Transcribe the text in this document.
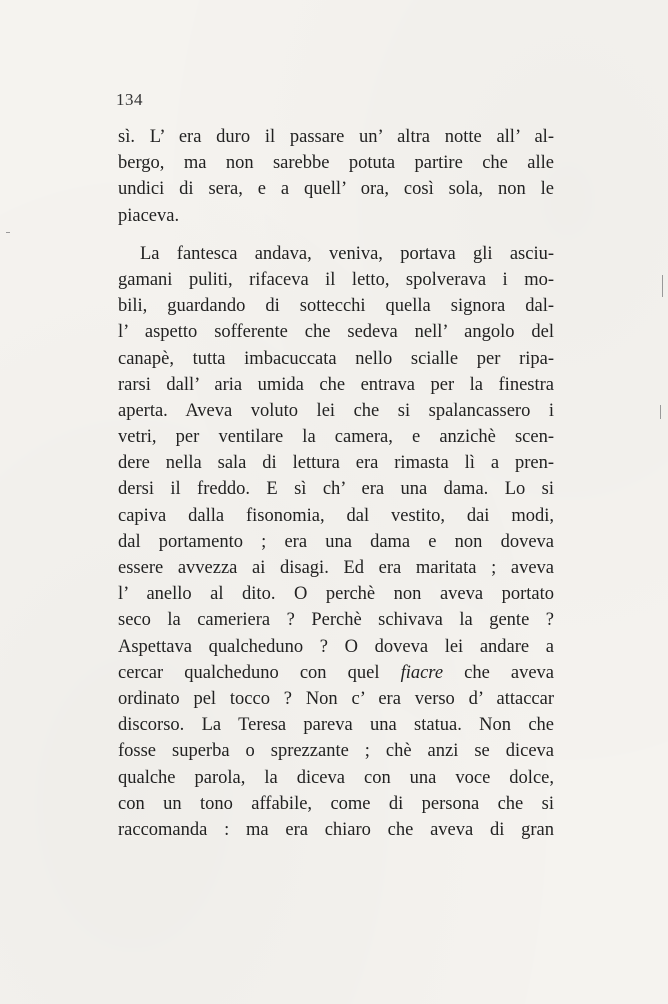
134
sì. L’ era duro il passare un’ altra notte all’ al-
bergo, ma non sarebbe potuta partire che alle
undici di sera, e a quell’ ora, così sola, non le
piaceva.
La fantesca andava, veniva, portava gli asciu-
gamani puliti, rifaceva il letto, spolverava i mo-
bili, guardando di sottecchi quella signora dal-
l’ aspetto sofferente che sedeva nell’ angolo del
canapè, tutta imbacuccata nello scialle per ripa-
rarsi dall’ aria umida che entrava per la finestra
aperta. Aveva voluto lei che si spalancassero i
vetri, per ventilare la camera, e anzichè scen-
dere nella sala di lettura era rimasta lì a pren-
dersi il freddo. E sì ch’ era una dama. Lo si
capiva dalla fisonomia, dal vestito, dai modi,
dal portamento ; era una dama e non doveva
essere avvezza ai disagi. Ed era maritata ; aveva
l’ anello al dito. O perchè non aveva portato
seco la cameriera ? Perchè schivava la gente ?
Aspettava qualcheduno ? O doveva lei andare a
cercar qualcheduno con quel fiacre che aveva
ordinato pel tocco ? Non c’ era verso d’ attaccar
discorso. La Teresa pareva una statua. Non che
fosse superba o sprezzante ; chè anzi se diceva
qualche parola, la diceva con una voce dolce,
con un tono affabile, come di persona che si
raccomanda : ma era chiaro che aveva di gran
